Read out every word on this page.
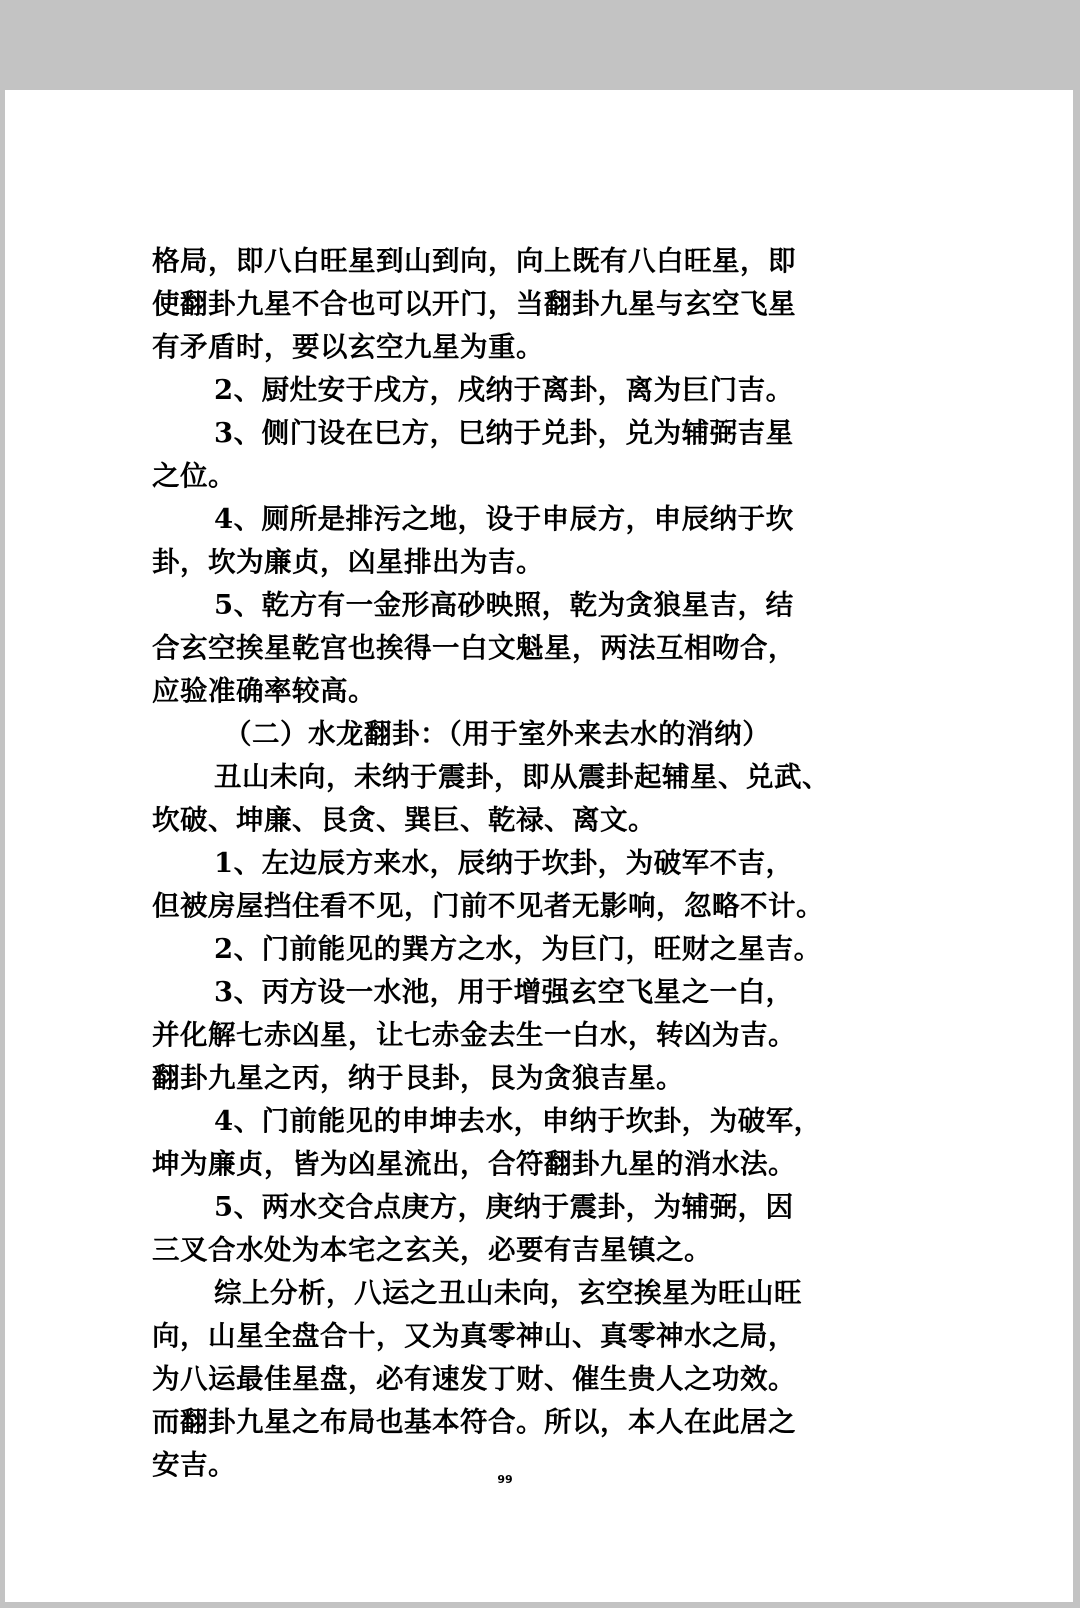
格局，即八白旺星到山到向，向上既有八白旺星，即

使翻卦九星不合也可以开门，当翻卦九星与玄空飞星

有矛盾时，要以玄空九星为重。

2、厨灶安于戌方，戌纳于离卦，离为巨门吉。

3、侧门设在巳方，巳纳于兑卦，兑为辅弼吉星

之位。

4、厕所是排污之地，设于申辰方，申辰纳于坎

卦，坎为廉贞，凶星排出为吉。

5、乾方有一金形高砂映照，乾为贪狼星吉，结

合玄空挨星乾宫也挨得一白文魁星，两法互相吻合，

应验准确率较高。

（二）水龙翻卦：（用于室外来去水的消纳）

丑山未向，未纳于震卦，即从震卦起辅星、兑武、

坎破、坤廉、艮贪、巽巨、乾禄、离文。

1、左边辰方来水，辰纳于坎卦，为破军不吉，

但被房屋挡住看不见，门前不见者无影响，忽略不计。

2、门前能见的巽方之水，为巨门，旺财之星吉。

3、丙方设一水池，用于增强玄空飞星之一白，

并化解七赤凶星，让七赤金去生一白水，转凶为吉。

翻卦九星之丙，纳于艮卦，艮为贪狼吉星。

4、门前能见的申坤去水，申纳于坎卦，为破军，

坤为廉贞，皆为凶星流出，合符翻卦九星的消水法。

5、两水交合点庚方，庚纳于震卦，为辅弼，因

三叉合水处为本宅之玄关，必要有吉星镇之。

综上分析，八运之丑山未向，玄空挨星为旺山旺

向，山星全盘合十，又为真零神山、真零神水之局，

为八运最佳星盘，必有速发丁财、催生贵人之功效。

而翻卦九星之布局也基本符合。所以，本人在此居之

安吉。	99
